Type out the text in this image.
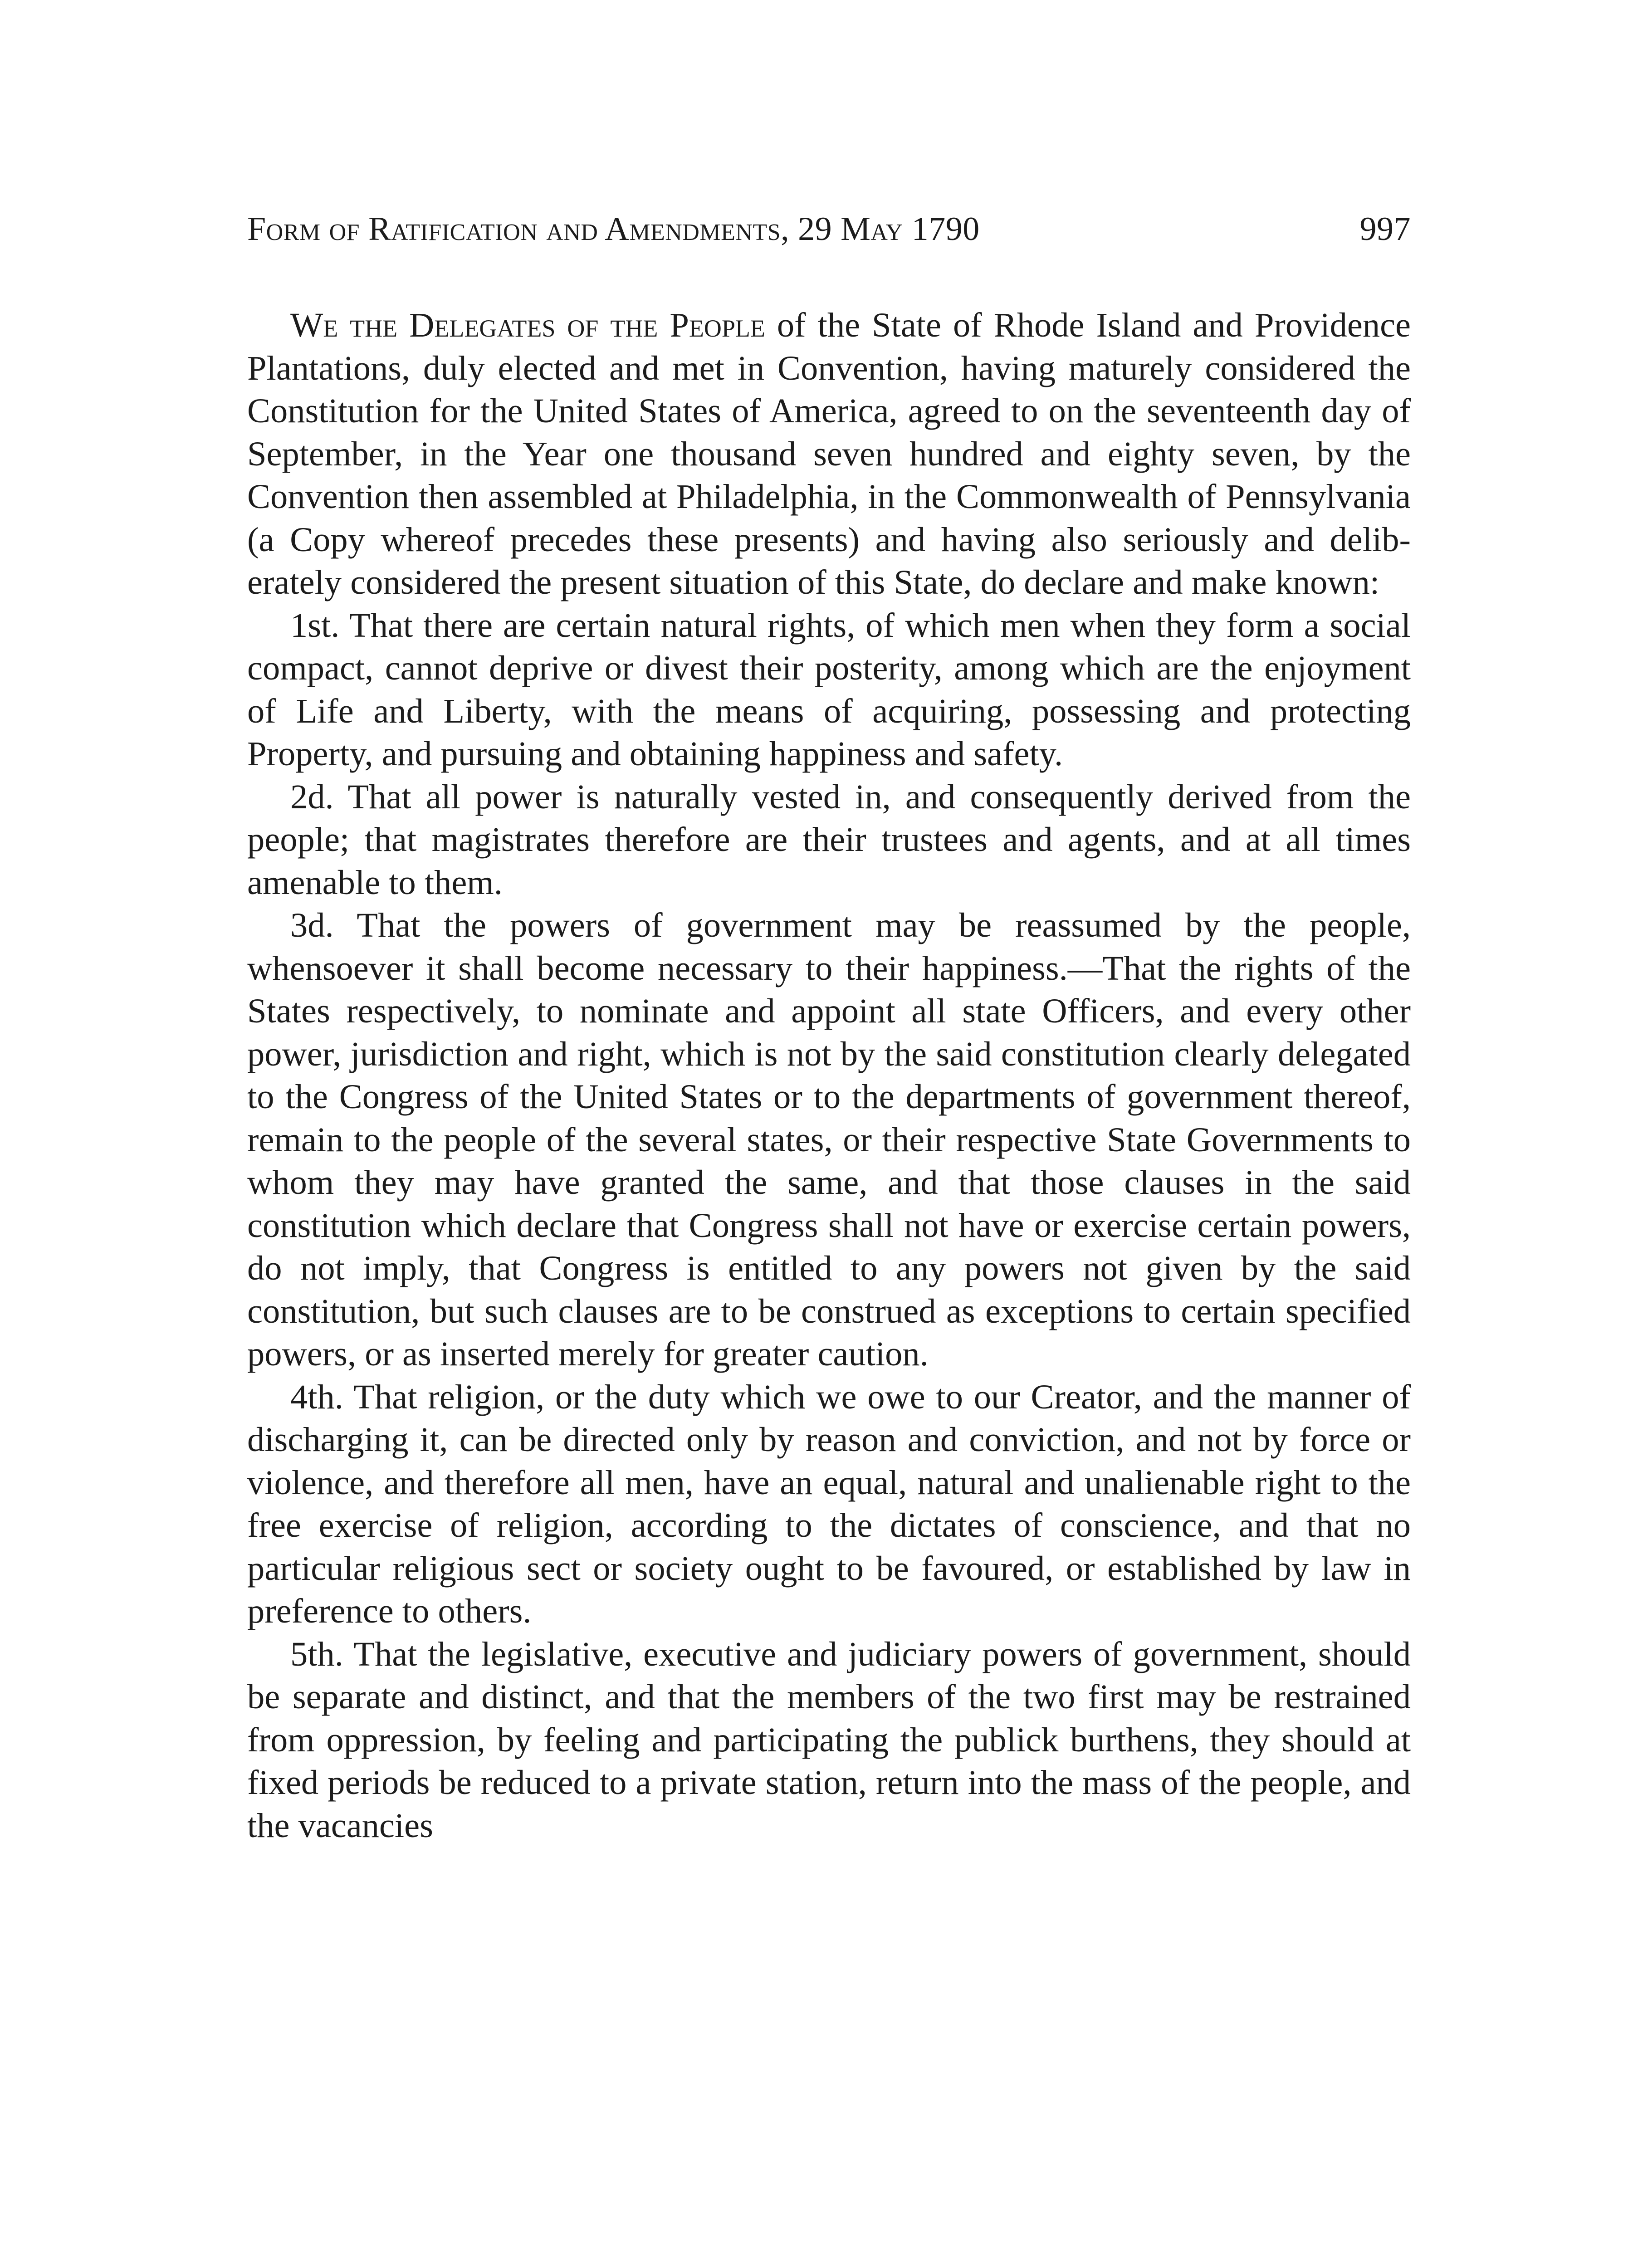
Form of Ratification and Amendments, 29 May 1790	997

We the Delegates of the People of the State of Rhode Island and Providence Plantations, duly elected and met in Convention, having maturely considered the Constitution for the United States of America, agreed to on the seventeenth day of September, in the Year one thousand seven hundred and eighty seven, by the Convention then assembled at Philadelphia, in the Commonwealth of Pennsylvania (a Copy whereof precedes these presents) and having also seriously and deliberately considered the present situation of this State, do declare and make known:

1st. That there are certain natural rights, of which men when they form a social compact, cannot deprive or divest their posterity, among which are the enjoyment of Life and Liberty, with the means of acquiring, possessing and protecting Property, and pursuing and obtaining happiness and safety.

2d. That all power is naturally vested in, and consequently derived from the people; that magistrates therefore are their trustees and agents, and at all times amenable to them.

3d. That the powers of government may be reassumed by the people, whensoever it shall become necessary to their happiness.—That the rights of the States respectively, to nominate and appoint all state Officers, and every other power, jurisdiction and right, which is not by the said constitution clearly delegated to the Congress of the United States or to the departments of government thereof, remain to the people of the several states, or their respective State Governments to whom they may have granted the same, and that those clauses in the said constitution which declare that Congress shall not have or exercise certain powers, do not imply, that Congress is entitled to any powers not given by the said constitution, but such clauses are to be construed as exceptions to certain specified powers, or as inserted merely for greater caution.

4th. That religion, or the duty which we owe to our Creator, and the manner of discharging it, can be directed only by reason and conviction, and not by force or violence, and therefore all men, have an equal, natural and unalienable right to the free exercise of religion, according to the dictates of conscience, and that no particular religious sect or society ought to be favoured, or established by law in preference to others.

5th. That the legislative, executive and judiciary powers of government, should be separate and distinct, and that the members of the two first may be restrained from oppression, by feeling and participating the publick burthens, they should at fixed periods be reduced to a private station, return into the mass of the people, and the vacancies
